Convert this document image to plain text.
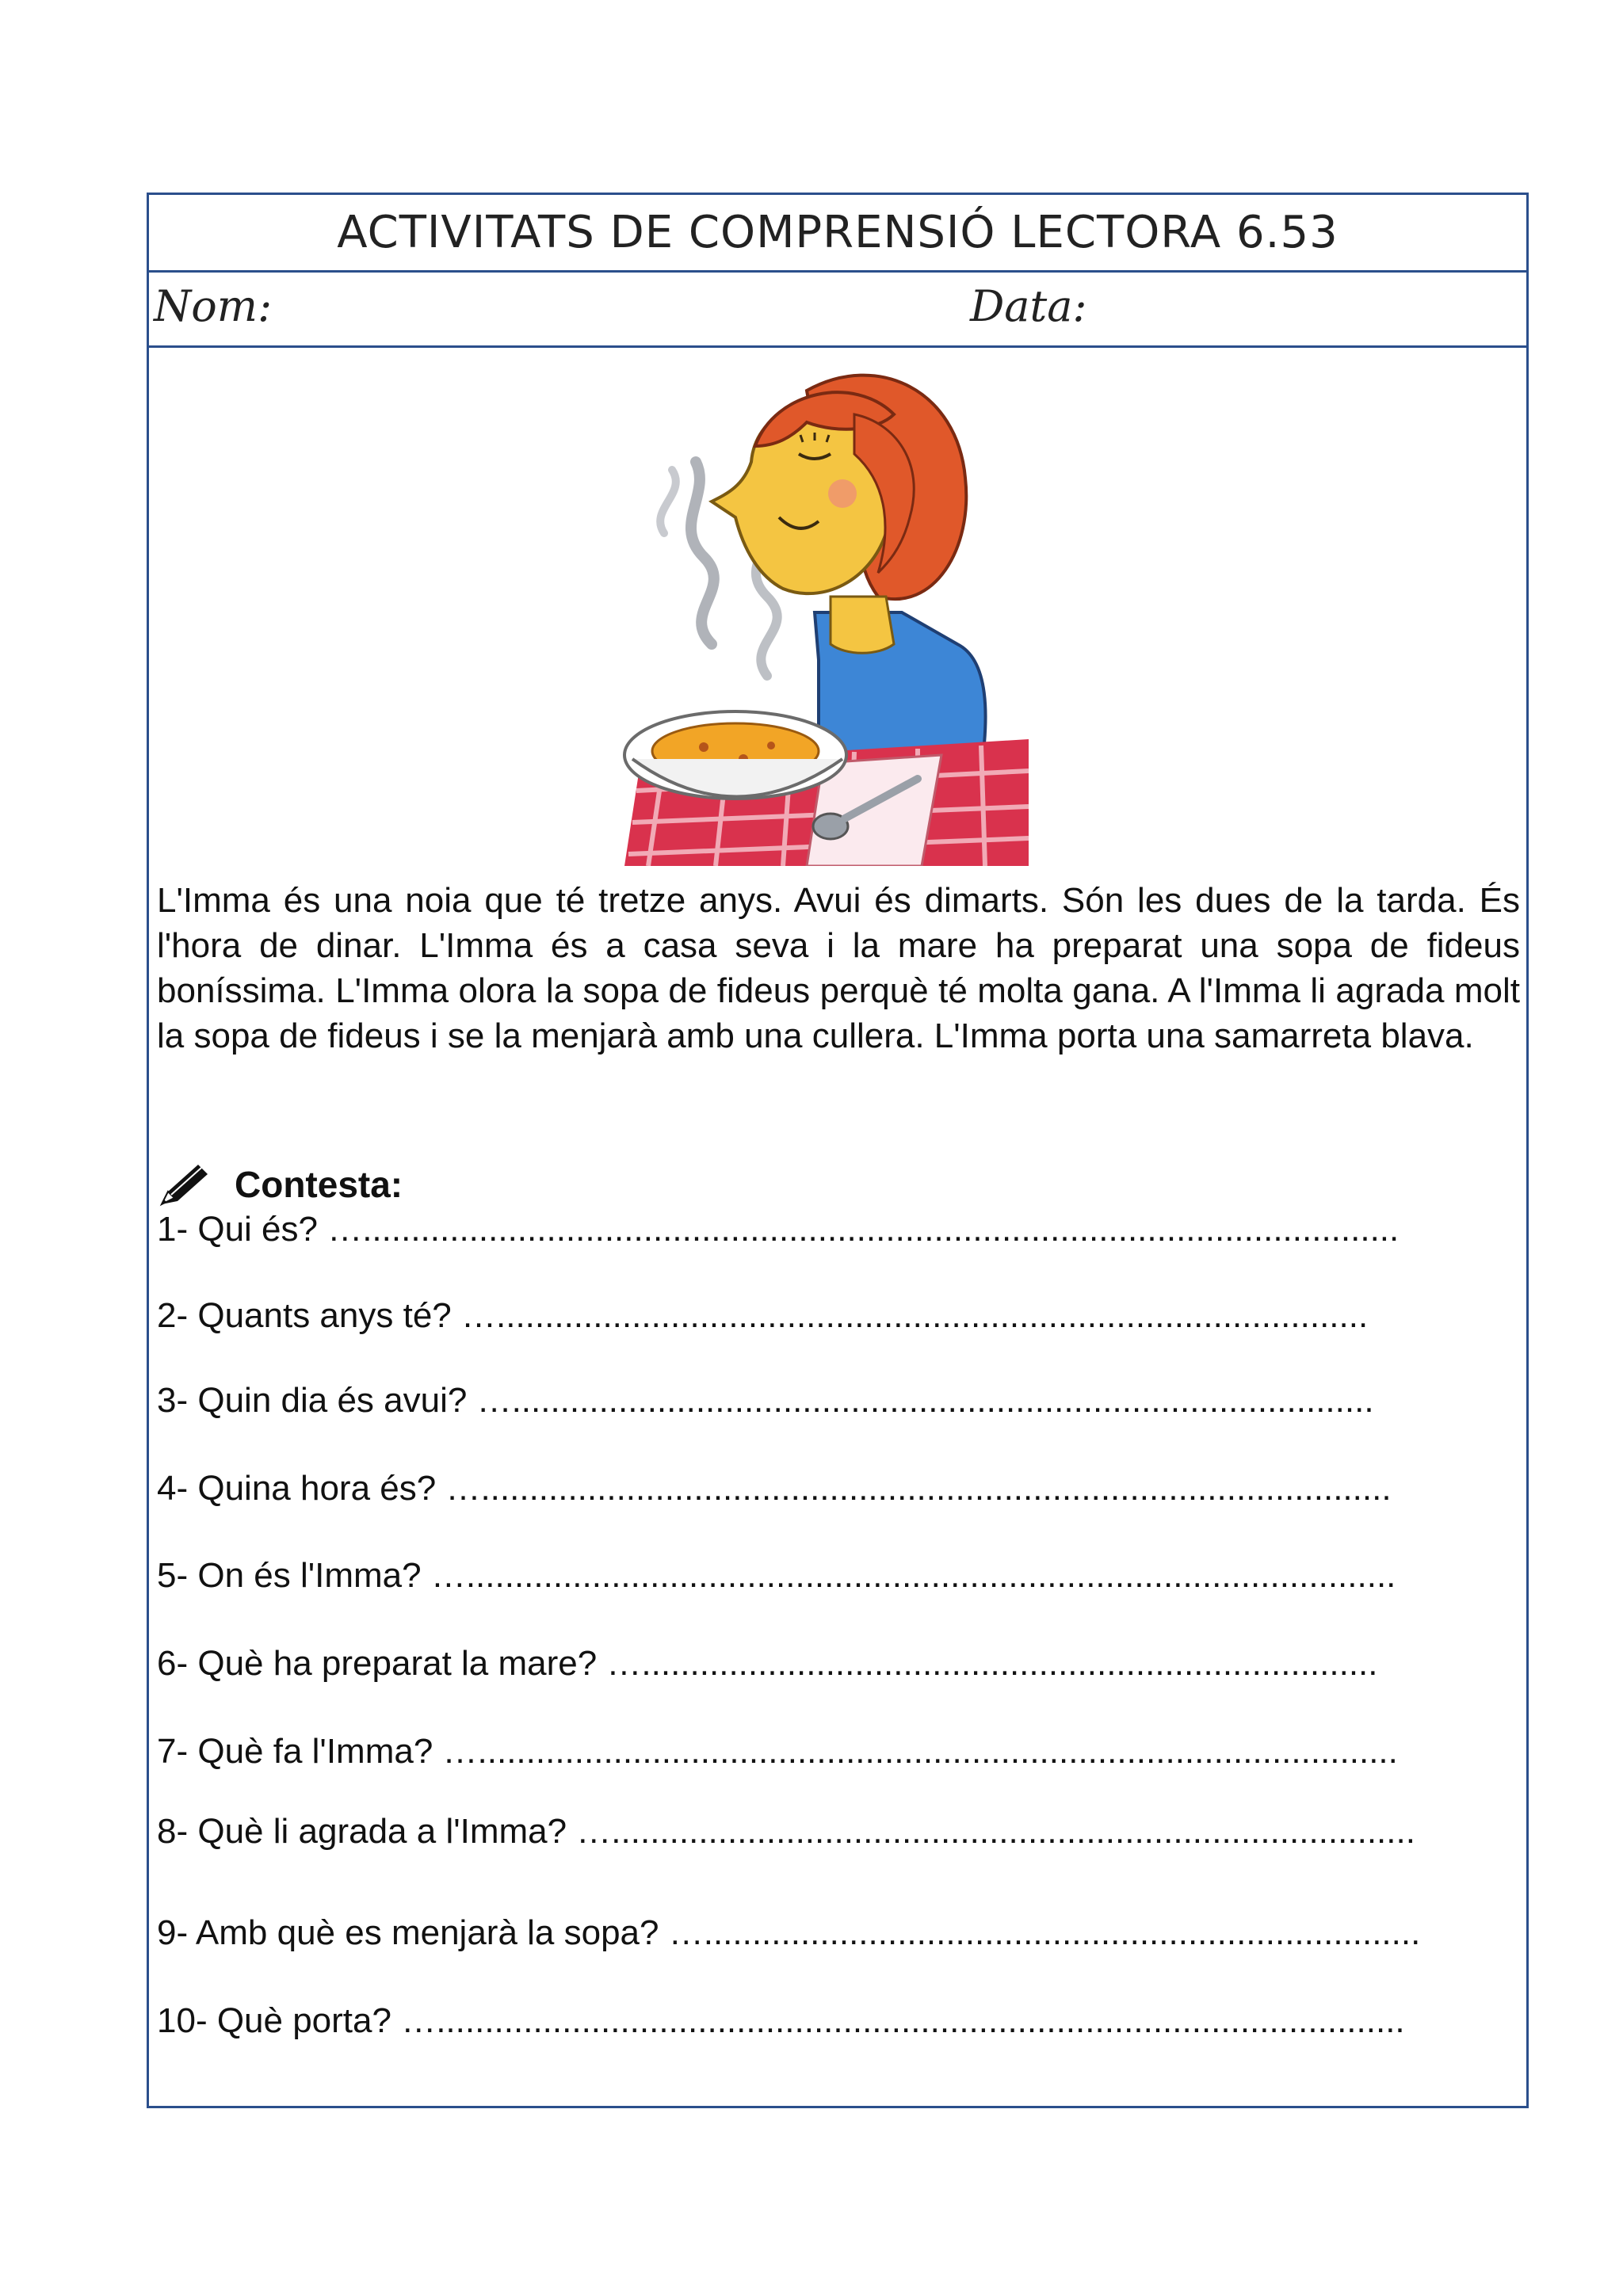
ACTIVITATS DE COMPRENSIÓ LECTORA 6.53
Nom:	Data:
L'Imma és una noia que té tretze anys. Avui és dimarts. Són les dues de la tarda. És l'hora de dinar. L'Imma és a casa seva i la mare ha preparat una sopa de fideus boníssima. L'Imma olora la sopa de fideus perquè té molta gana. A l'Imma li agrada molt la sopa de fideus i se la menjarà amb una cullera. L'Imma porta una samarreta blava.
Contesta:
1- Qui és? …...........................................................................................................
2- Quants anys té? …..........................................................................................
3- Quin dia és avui? ….........................................................................................
4- Quina hora és? …..............................................................................................
5- On és l'Imma? …................................................................................................
6- Què ha preparat la mare? …............................................................................
7- Què fa l'Imma? …...............................................................................................
8- Què li agrada a l'Imma? …...................................................................................
9- Amb què es menjarà la sopa? …..........................................................................
10- Què porta? …....................................................................................................
